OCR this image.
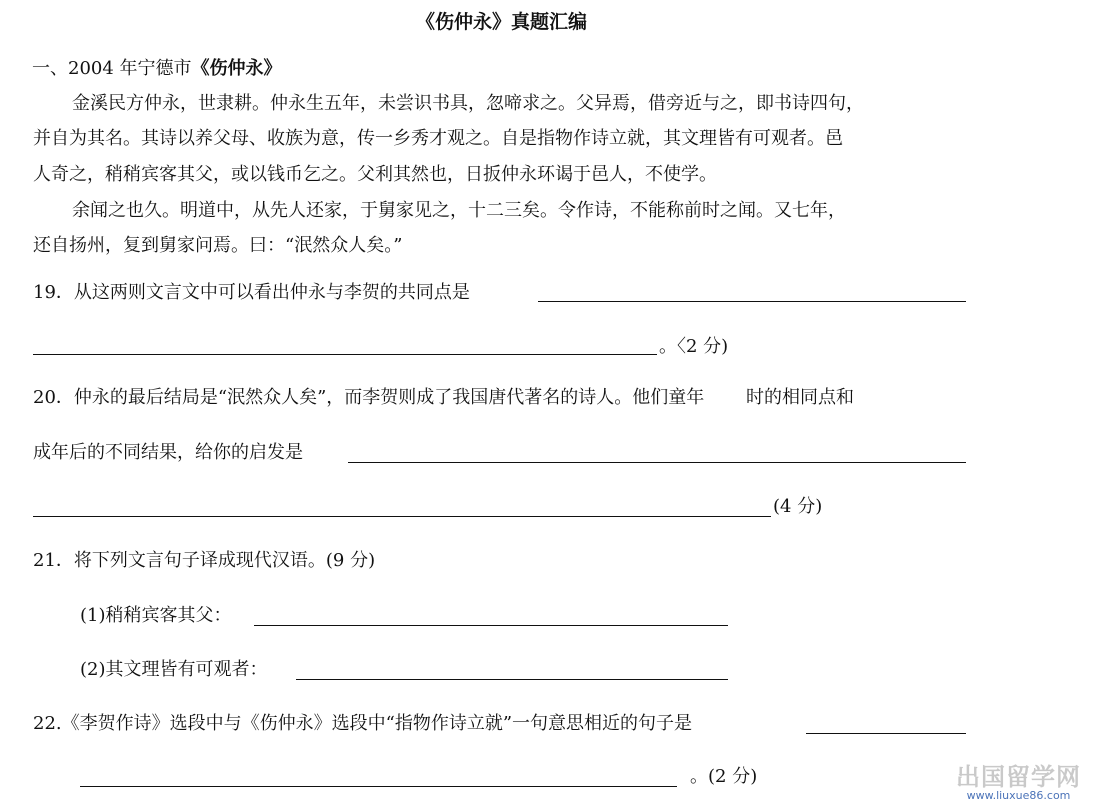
《伤仲永》真题汇编
一、2004 年宁德市《伤仲永》
金溪民方仲永，世隶耕。仲永生五年，未尝识书具，忽啼求之。父异焉，借旁近与之，即书诗四句，
并自为其名。其诗以养父母、收族为意，传一乡秀才观之。自是指物作诗立就，其文理皆有可观者。邑
人奇之，稍稍宾客其父，或以钱币乞之。父利其然也，日扳仲永环谒于邑人，不使学。
余闻之也久。明道中，从先人还家，于舅家见之，十二三矣。令作诗，不能称前时之闻。又七年，
还自扬州，复到舅家问焉。曰：“泯然众人矣。”
19．从这两则文言文中可以看出仲永与李贺的共同点是
。〈2 分)
20．仲永的最后结局是“泯然众人矣”，而李贺则成了我国唐代著名的诗人。他们童年　　 时的相同点和
成年后的不同结果，给你的启发是
(4 分)
21．将下列文言句子译成现代汉语。(9 分)
(1)稍稍宾客其父：
(2)其文理皆有可观者：
22.《李贺作诗》选段中与《伤仲永》选段中“指物作诗立就”一句意思相近的句子是
。(2 分)	出国留学网
www.liuxue86.com
